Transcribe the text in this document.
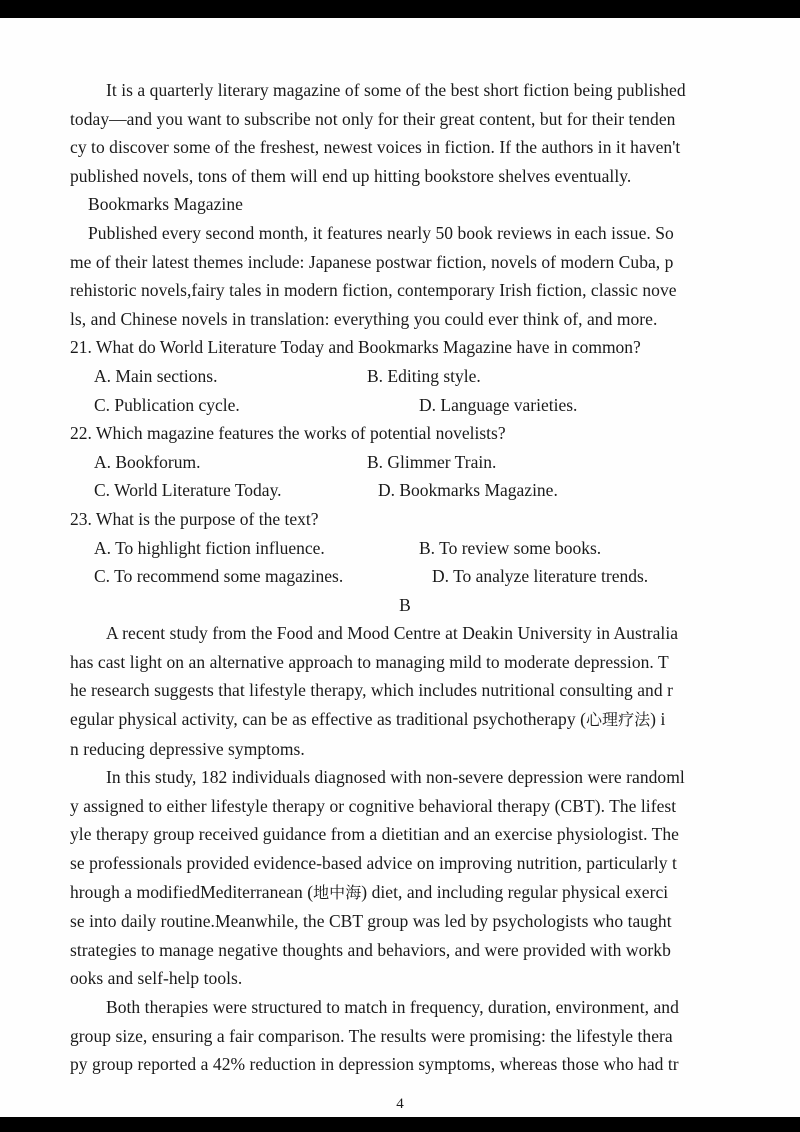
It is a quarterly literary magazine of some of the best short fiction being published
today—and you want to subscribe not only for their great content, but for their tenden
cy to discover some of the freshest, newest voices in fiction. If the authors in it haven't
published novels, tons of them will end up hitting bookstore shelves eventually.
Bookmarks Magazine
Published every second month, it features nearly 50 book reviews in each issue. So
me of their latest themes include: Japanese postwar fiction, novels of modern Cuba, p
rehistoric novels,fairy tales in modern fiction, contemporary Irish fiction, classic nove
ls, and Chinese novels in translation: everything you could ever think of, and more.
21. What do World Literature Today and Bookmarks Magazine have in common?
A. Main sections.	B. Editing style.
C. Publication cycle.	D. Language varieties.
22. Which magazine features the works of potential novelists?
A. Bookforum.	B. Glimmer Train.
C. World Literature Today.	D. Bookmarks Magazine.
23. What is the purpose of the text?
A. To highlight fiction influence.	B. To review some books.
C. To recommend some magazines.	D. To analyze literature trends.
B
A recent study from the Food and Mood Centre at Deakin University in Australia
has cast light on an alternative approach to managing mild to moderate depression. T
he research suggests that lifestyle therapy, which includes nutritional consulting and r
egular physical activity, can be as effective as traditional psychotherapy (心理疗法) i
n reducing depressive symptoms.
In this study, 182 individuals diagnosed with non-severe depression were randoml
y assigned to either lifestyle therapy or cognitive behavioral therapy (CBT). The lifest
yle therapy group received guidance from a dietitian and an exercise physiologist. The
se professionals provided evidence-based advice on improving nutrition, particularly t
hrough a modifiedMediterranean (地中海) diet, and including regular physical exerci
se into daily routine.Meanwhile, the CBT group was led by psychologists who taught
strategies to manage negative thoughts and behaviors, and were provided with workb
ooks and self-help tools.
Both therapies were structured to match in frequency, duration, environment, and
group size, ensuring a fair comparison. The results were promising: the lifestyle thera
py group reported a 42% reduction in depression symptoms, whereas those who had tr
4
